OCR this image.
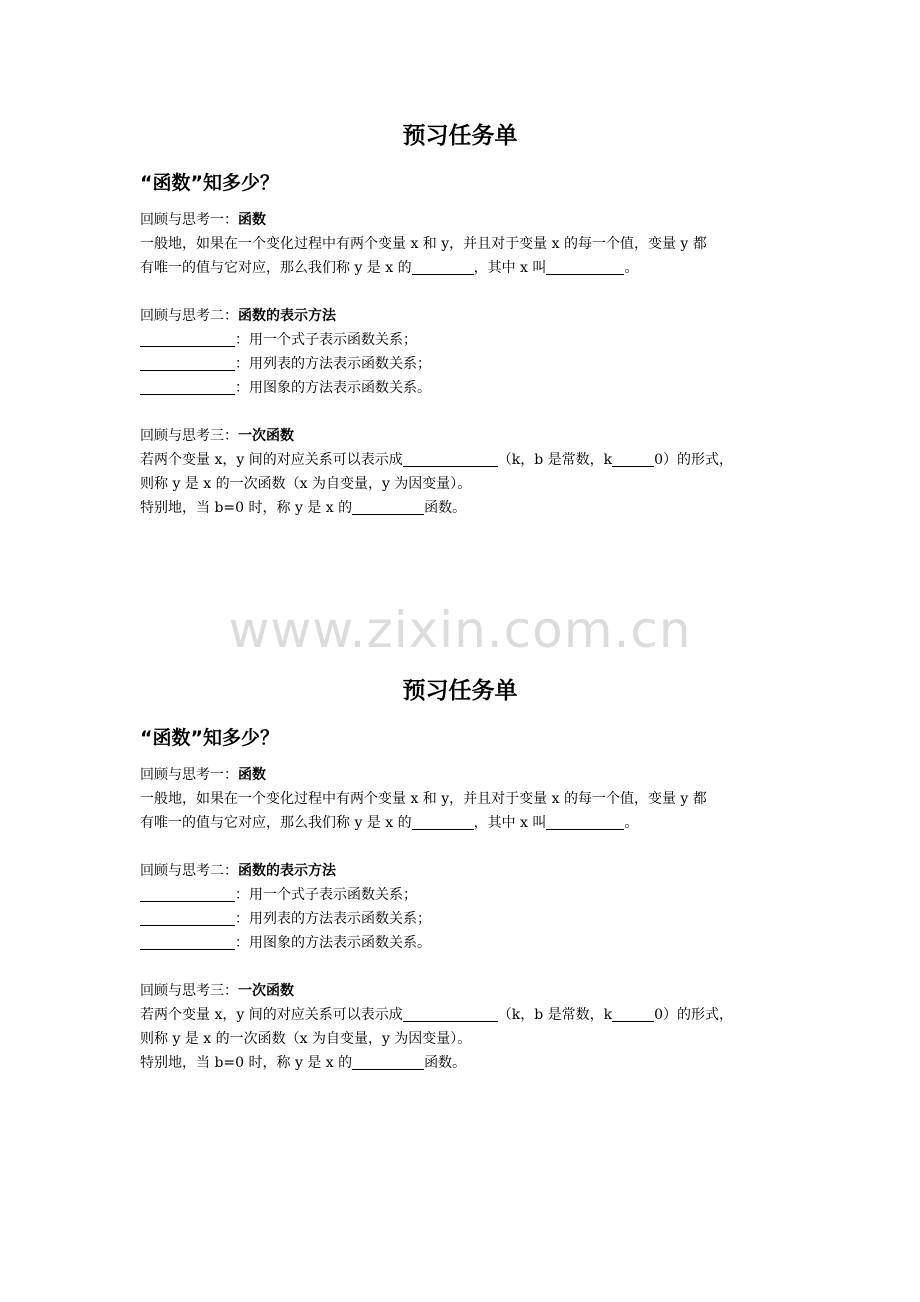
预习任务单
“函数”知多少？
回顾与思考一：函数
一般地，如果在一个变化过程中有两个变量 x 和 y，并且对于变量 x 的每一个值，变量 y 都
有唯一的值与它对应，那么我们称 y 是 x 的	，其中 x 叫	。
回顾与思考二：函数的表示方法
：用一个式子表示函数关系；
：用列表的方法表示函数关系；
：用图象的方法表示函数关系。
回顾与思考三：一次函数
若两个变量 x，y 间的对应关系可以表示成	（k，b 是常数，k	0）的形式，
则称 y 是 x 的一次函数（x 为自变量，y 为因变量）。
特别地，当 b=0 时，称 y 是 x 的	函数。
www.zixin.com.cn
预习任务单
“函数”知多少？
回顾与思考一：函数
一般地，如果在一个变化过程中有两个变量 x 和 y，并且对于变量 x 的每一个值，变量 y 都
有唯一的值与它对应，那么我们称 y 是 x 的	，其中 x 叫	。
回顾与思考二：函数的表示方法
：用一个式子表示函数关系；
：用列表的方法表示函数关系；
：用图象的方法表示函数关系。
回顾与思考三：一次函数
若两个变量 x，y 间的对应关系可以表示成	（k，b 是常数，k	0）的形式，
则称 y 是 x 的一次函数（x 为自变量，y 为因变量）。
特别地，当 b=0 时，称 y 是 x 的	函数。
